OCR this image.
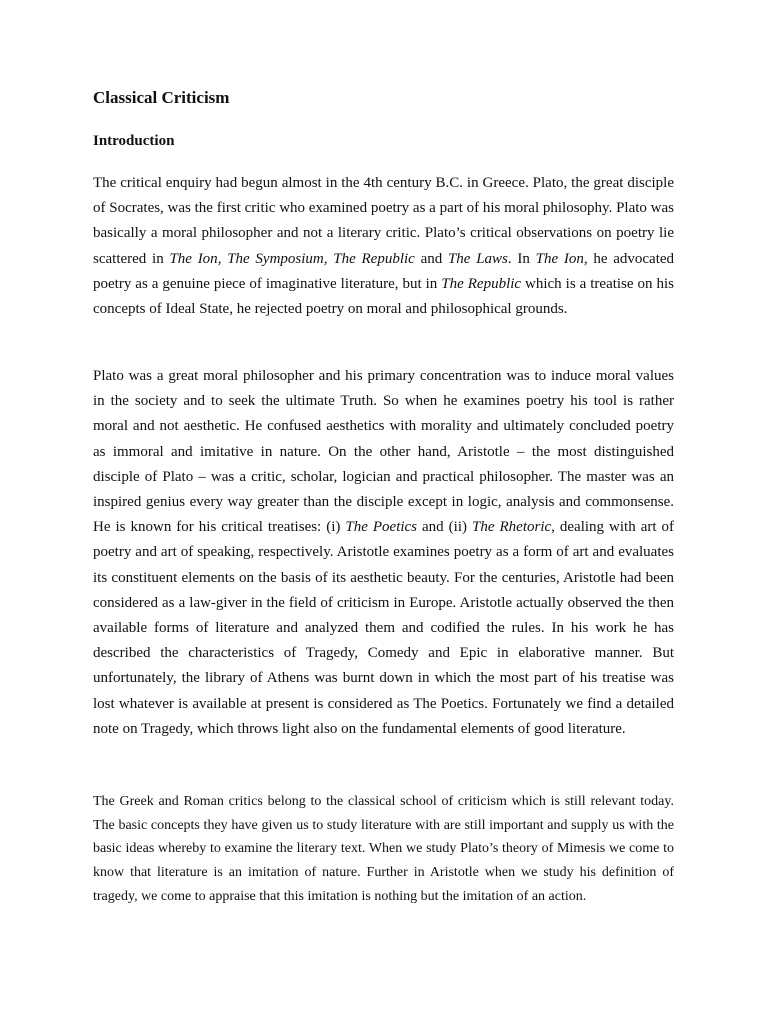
Classical Criticism
Introduction

The critical enquiry had begun almost in the 4th century B.C. in Greece. Plato, the great disciple of Socrates, was the first critic who examined poetry as a part of his moral philosophy. Plato was basically a moral philosopher and not a literary critic. Plato’s critical observations on poetry lie scattered in The Ion, The Symposium, The Republic and The Laws. In The Ion, he advocated poetry as a genuine piece of imaginative literature, but in The Republic which is a treatise on his concepts of Ideal State, he rejected poetry on moral and philosophical grounds.

Plato was a great moral philosopher and his primary concentration was to induce moral values in the society and to seek the ultimate Truth. So when he examines poetry his tool is rather moral and not aesthetic. He confused aesthetics with morality and ultimately concluded poetry as immoral and imitative in nature. On the other hand, Aristotle – the most distinguished disciple of Plato – was a critic, scholar, logician and practical philosopher. The master was an inspired genius every way greater than the disciple except in logic, analysis and commonsense. He is known for his critical treatises: (i) The Poetics and (ii) The Rhetoric, dealing with art of poetry and art of speaking, respectively. Aristotle examines poetry as a form of art and evaluates its constituent elements on the basis of its aesthetic beauty. For the centuries, Aristotle had been considered as a law-giver in the field of criticism in Europe. Aristotle actually observed the then available forms of literature and analyzed them and codified the rules. In his work he has described the characteristics of Tragedy, Comedy and Epic in elaborative manner. But unfortunately, the library of Athens was burnt down in which the most part of his treatise was lost whatever is available at present is considered as The Poetics. Fortunately we find a detailed note on Tragedy, which throws light also on the fundamental elements of good literature.

The Greek and Roman critics belong to the classical school of criticism which is still relevant today. The basic concepts they have given us to study literature with are still important and supply us with the basic ideas whereby to examine the literary text. When we study Plato’s theory of Mimesis we come to know that literature is an imitation of nature. Further in Aristotle when we study his definition of tragedy, we come to appraise that this imitation is nothing but the imitation of an action.
